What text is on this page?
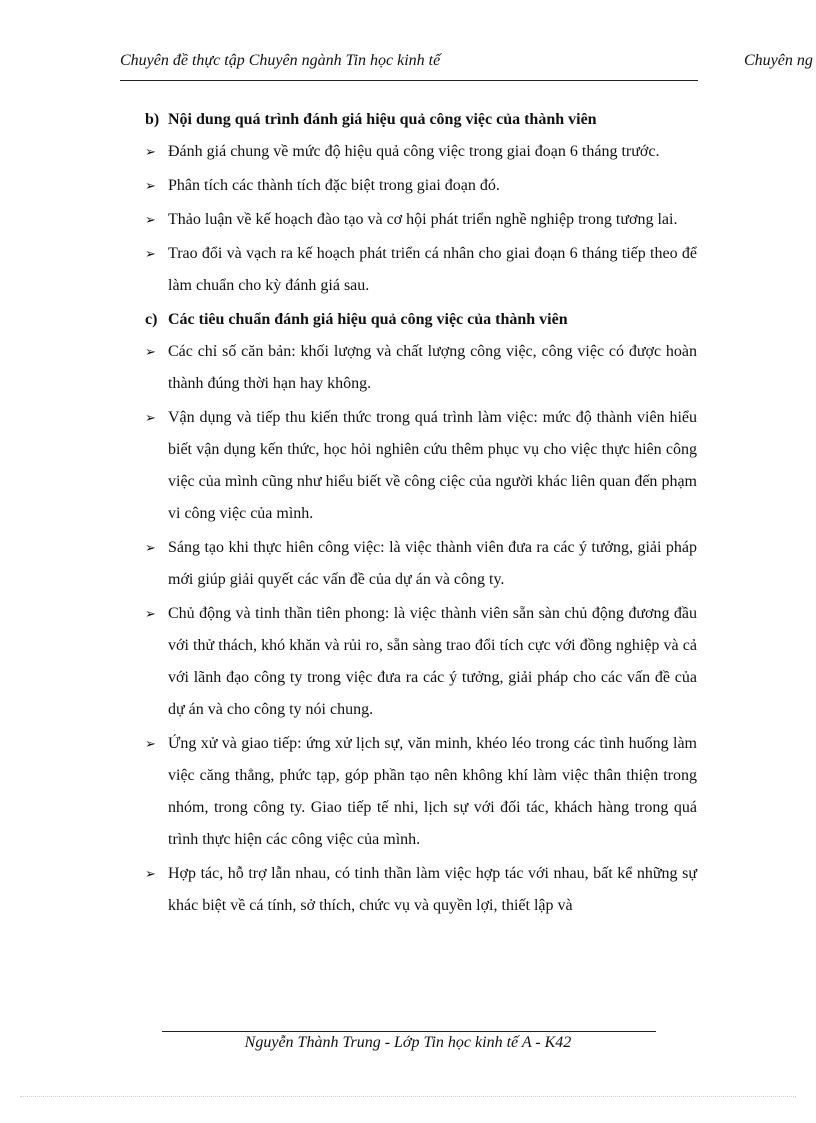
Chuyên đề thực tập Chuyên ngành Tin học kinh tế	Chuyên ng
b) Nội dung quá trình đánh giá hiệu quả công việc của thành viên
➢ Đánh giá chung về mức độ hiệu quả công việc trong giai đoạn 6 tháng trước.
➢ Phân tích các thành tích đặc biệt trong giai đoạn đó.
➢ Thảo luận về kế hoạch đào tạo và cơ hội phát triển nghề nghiệp trong tương lai.
➢ Trao đổi và vạch ra kế hoạch phát triển cá nhân cho giai đoạn 6 tháng tiếp theo để làm chuẩn cho kỳ đánh giá sau.
c) Các tiêu chuẩn đánh giá hiệu quả công việc của thành viên
➢ Các chỉ số căn bản: khối lượng và chất lượng công việc, công việc có được hoàn thành đúng thời hạn hay không.
➢ Vận dụng và tiếp thu kiến thức trong quá trình làm việc: mức độ thành viên hiểu biết vận dụng kến thức, học hỏi nghiên cứu thêm phục vụ cho việc thực hiên công việc của mình cũng như hiểu biết về công ciệc của người khác liên quan đến phạm vi công việc của mình.
➢ Sáng tạo khi thực hiên công việc: là việc thành viên đưa ra các ý tưởng, giải pháp mới giúp giải quyết các vấn đề của dự án và công ty.
➢ Chủ động và tinh thần tiên phong: là việc thành viên sẵn sàn chủ động đương đầu với thử thách, khó khăn và rủi ro, sẵn sàng trao đổi tích cực với đồng nghiệp và cả với lãnh đạo công ty trong việc đưa ra các ý tưởng, giải pháp cho các vấn đề của dự án và cho công ty nói chung.
➢ Ứng xử và giao tiếp: ứng xử lịch sự, văn minh, khéo léo trong các tình huống làm việc căng thẳng, phức tạp, góp phần tạo nên không khí làm việc thân thiện trong nhóm, trong công ty. Giao tiếp tế nhi, lịch sự với đối tác, khách hàng trong quá trình thực hiện các công việc của mình.
➢ Hợp tác, hỗ trợ lẫn nhau, có tinh thần làm việc hợp tác với nhau, bất kể những sự khác biệt về cá tính, sở thích, chức vụ và quyền lợi, thiết lập và
Nguyễn Thành Trung - Lớp Tin học kinh tế A - K42
